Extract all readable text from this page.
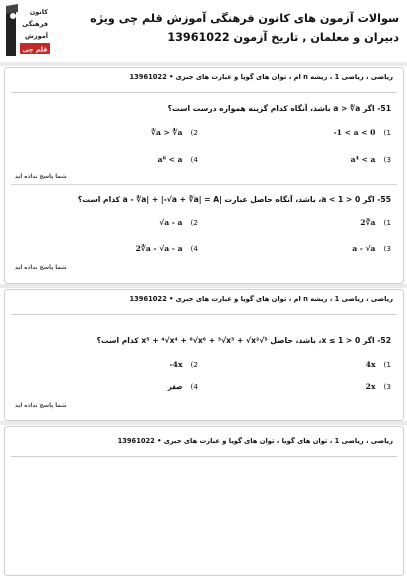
کانون
فرهنگی
آموزش
قلم چی
سوالات آزمون های کانون فرهنگی آموزش قلم چی ویژه دبیران و معلمان , تاریخ آزمون 13961022
ریاضی ، ریاضی 1 ، ریشه n ام ، توان های گویا و عبارت های جبری • 13961022
51- اگر a > ∜a باشد، آنگاه کدام گزینه همواره درست است؟
1)
-1 < a < 0
2)
∛a > ∜a
3)
a⁴ < a
4)
a⁶ < a
شما پاسخ نداده اید
55- اگر 0 < a < 1، باشد، آنگاه حاصل عبارت |a - ∜a| + |-√a + ∛a| = A کدام است؟
1)
2∛a
2)
√a - a
3)
a - √a
4)
2∛a - √a - a
شما پاسخ نداده اید
ریاضی ، ریاضی 1 ، ریشه n ام ، توان های گویا و عبارت های جبری • 13961022
52- اگر 0 < x ≤ 1، باشد، حاصل ⁵√x⁵ + ⁴√x⁴ + ⁶√x⁶ + ³√x³ + √x² کدام است؟
1)
4x
2)
-4x
3)
2x
4)
صفر
شما پاسخ نداده اید
ریاضی ، ریاضی 1 ، توان های گویا ، توان های گویا و عبارت های جبری • 13961022
